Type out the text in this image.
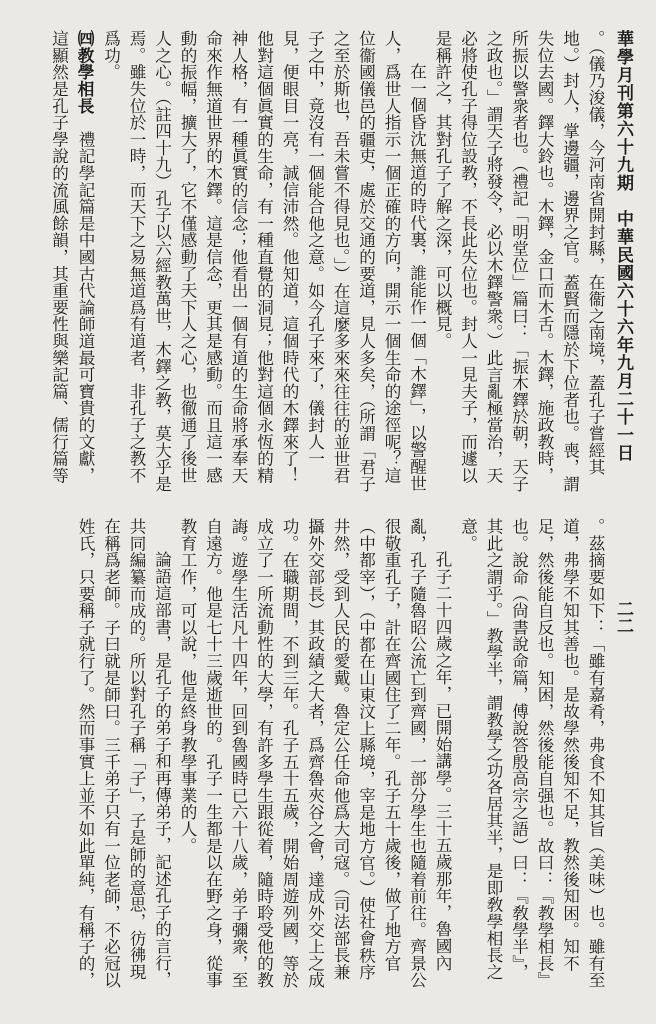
華學月刊第六十九期　中華民國六十六年九月二十一日
二二

。（儀乃浚儀，今河南省開封縣，在衞之南境，蓋孔子嘗經其地。）封人，掌邊疆，邊界之官。蓋賢而隱於下位者也。喪，謂失位去國。鐸大鈴也。木鐸，金口而木舌。木鐸，施政教時，所振以警衆者也。（禮記「明堂位」篇曰：「振木鐸於朝，天子之政也。」謂天子將發令，必以木鐸警衆。）此言亂極當治，天必將使孔子得位設教，不長此失位也。封人一見夫子，而遽以是稱許之，其對孔子了解之深，可以概見。

在一個昏沈無道的時代裏，誰能作一個「木鐸」，以警醒世人，爲世人指示一個正確的方向，開示一個生命的途徑呢？這位衞國儀邑的疆吏，處於交通的要道，見人多矣，（所謂「君子之至於斯也，吾未嘗不得見也。」）在這麼多來來往往的並世君子之中，竟沒有一個能合他之意。如今孔子來了，儀封人一見，便眼目一亮，誠信沛然。他知道，這個時代的木鐸來了！他對這個眞實的生命，有一種直覺的洞見；他對這個永恆的精神人格，有一種眞實的信念；他看出一個有道的生命將承奉天命來作無道世界的木鐸。這是信念，更其是感動。而且這一感動的振幅，擴大了，它不僅感動了天下人之心，也徹通了後世人之心。（註四十九）孔子以六經教萬世，木鐸之教，莫大乎是焉。雖失位於一時，而天下之易無道爲有道者，非孔子之教不爲功。

㈣教學相長　禮記學記篇是中國古代論師道最可寶貴的文獻，這顯然是孔子學說的流風餘韻，其重要性與樂記篇、儒行篇等

。茲摘要如下：「雖有嘉肴，弗食不知其旨（美味）也。雖有至道，弗學不知其善也。是故學然後知不足，教然後知困。知不足，然後能自反也。知困，然後能自强也。故曰：『教學相長』也。說命（尙書說命篇，傅說答殷高宗之語）曰：『敎學半』，其此之謂乎。」教學半，謂教學之功各居其半，是即敎學相長之意。

孔子二十四歲之年，已開始講學。三十五歲那年，魯國內亂，孔子隨魯昭公流亡到齊國，一部分學生也隨着前往。齊景公很敬重孔子，計在齊國住了二年。孔子五十歲後，做了地方官（中都宰），（中都在山東汶上縣境，宰是地方官。）使社會秩序井然，受到人民的愛戴。魯定公任命他爲大司寇。（司法部長兼攝外交部長）其政績之大者，爲齊魯夾谷之會，達成外交上之成功。在職期間，不到三年。孔子五十五歲，開始周遊列國，等於成立了一所流動性的大學，有許多學生跟從着，隨時聆受他的教誨。遊學生活凡十四年，回到魯國時已六十八歲，弟子彌衆，至自遠方。他是七十三歲逝世的。孔子一生都是以在野之身，從事教育工作，可以說，他是終身教學事業的人。

論語這部書，是孔子的弟子和再傳弟子，記述孔子的言行，共同編纂而成的。所以對孔子稱「子」，子是師的意思，彷彿現在稱爲老師。子曰就是師曰。三千弟子只有一位老師，不必冠以姓氏，只要稱子就行了。然而事實上並不如此單純，有稱子的，
